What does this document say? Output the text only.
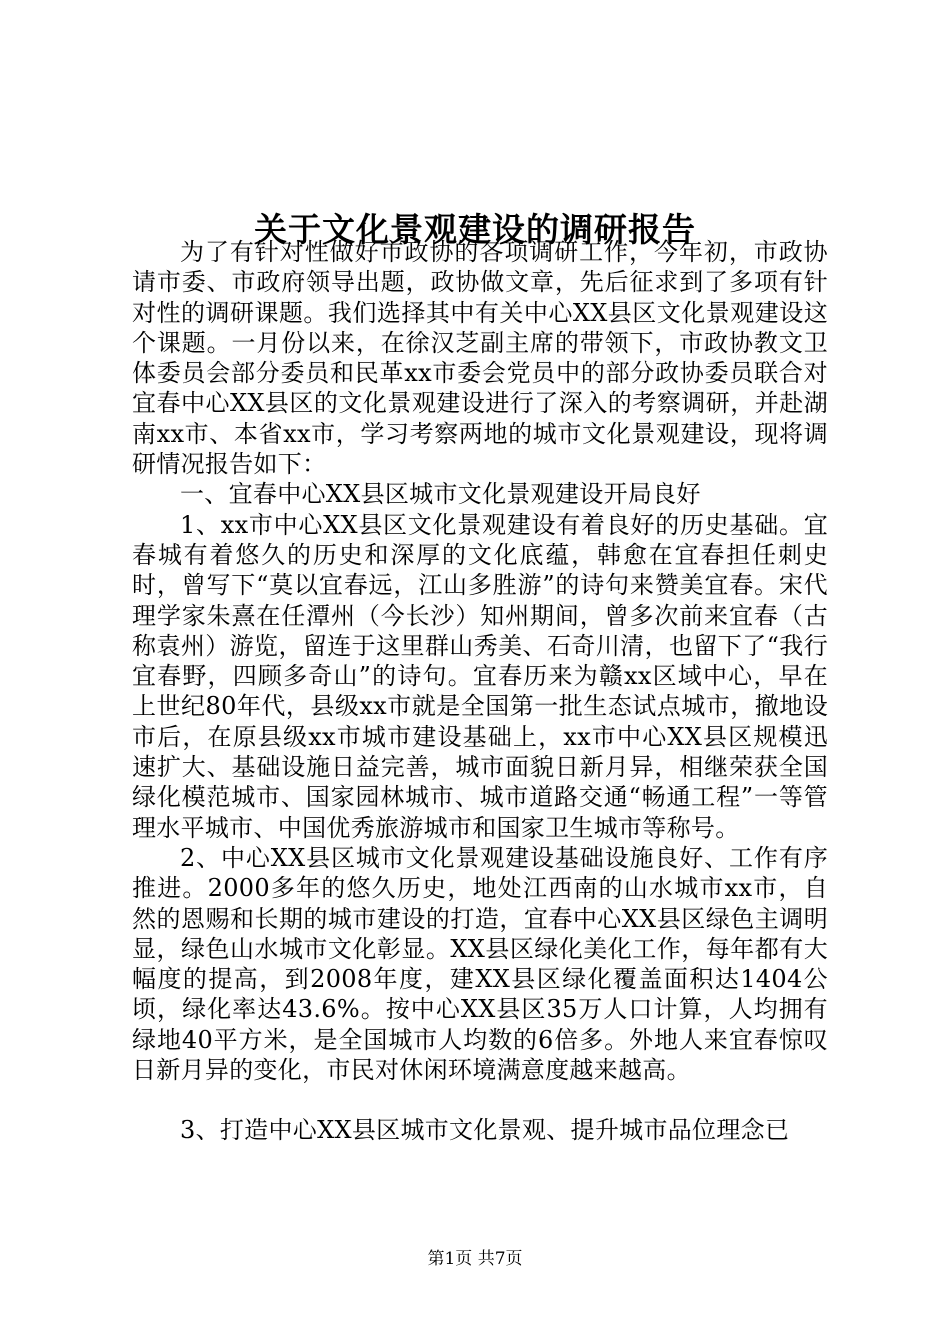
关于文化景观建设的调研报告

为了有针对性做好市政协的各项调研工作，今年初，市政协请市委、市政府领导出题，政协做文章，先后征求到了多项有针对性的调研课题。我们选择其中有关中心XX县区文化景观建设这个课题。一月份以来，在徐汉芝副主席的带领下，市政协教文卫体委员会部分委员和民革xx市委会党员中的部分政协委员联合对宜春中心XX县区的文化景观建设进行了深入的考察调研，并赴湖南xx市、本省xx市，学习考察两地的城市文化景观建设，现将调研情况报告如下：

一、宜春中心XX县区城市文化景观建设开局良好

1、xx市中心XX县区文化景观建设有着良好的历史基础。宜春城有着悠久的历史和深厚的文化底蕴，韩愈在宜春担任刺史时，曾写下“莫以宜春远，江山多胜游”的诗句来赞美宜春。宋代理学家朱熹在任潭州（今长沙）知州期间，曾多次前来宜春（古称袁州）游览，留连于这里群山秀美、石奇川清，也留下了“我行宜春野，四顾多奇山”的诗句。宜春历来为赣xx区域中心，早在上世纪80年代，县级xx市就是全国第一批生态试点城市，撤地设市后，在原县级xx市城市建设基础上，xx市中心XX县区规模迅速扩大、基础设施日益完善，城市面貌日新月异，相继荣获全国绿化模范城市、国家园林城市、城市道路交通“畅通工程”一等管理水平城市、中国优秀旅游城市和国家卫生城市等称号。

2、中心XX县区城市文化景观建设基础设施良好、工作有序推进。2000多年的悠久历史，地处江西南的山水城市xx市，自然的恩赐和长期的城市建设的打造，宜春中心XX县区绿色主调明显，绿色山水城市文化彰显。XX县区绿化美化工作，每年都有大幅度的提高，到2008年度，建XX县区绿化覆盖面积达1404公顷，绿化率达43.6%。按中心XX县区35万人口计算，人均拥有绿地40平方米，是全国城市人均数的6倍多。外地人来宜春惊叹日新月异的变化，市民对休闲环境满意度越来越高。

3、打造中心XX县区城市文化景观、提升城市品位理念已

第1页 共7页
